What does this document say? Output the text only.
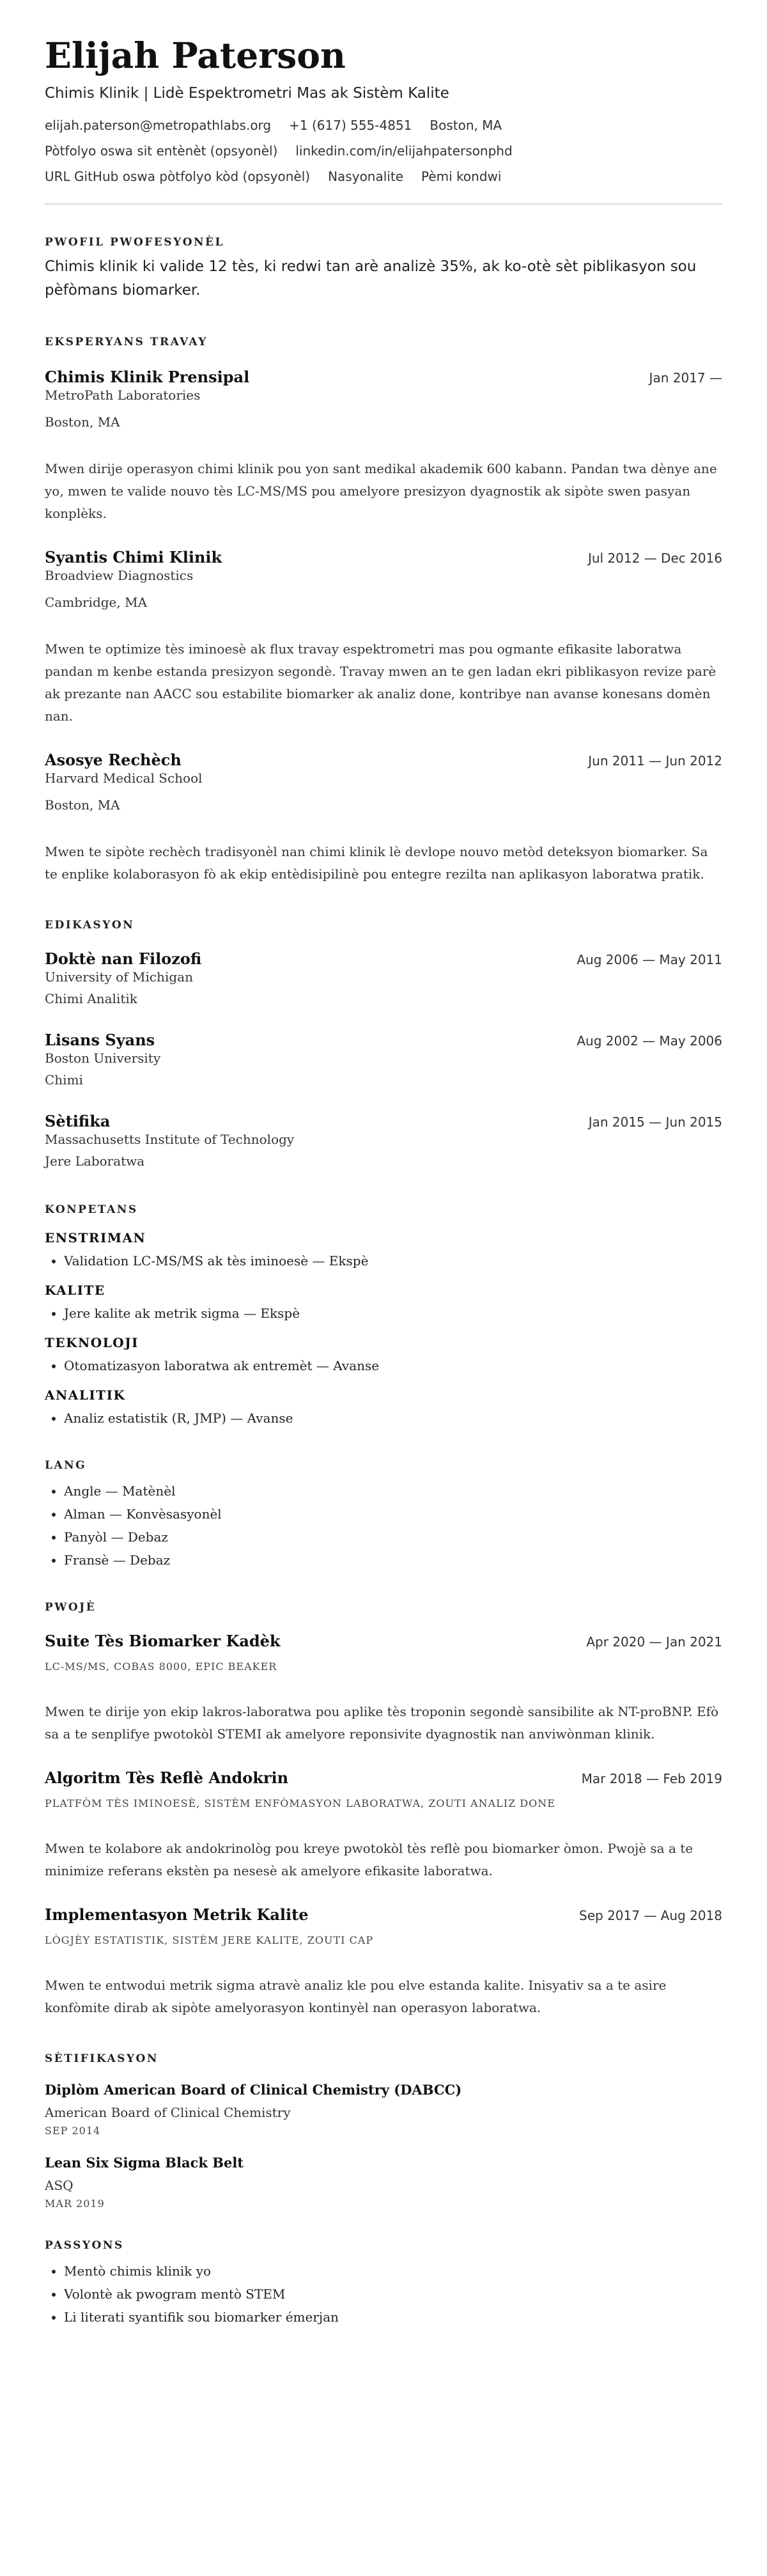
Elijah Paterson
Chimis Klinik | Lidè Espektrometri Mas ak Sistèm Kalite
elijah.paterson@metropathlabs.org +1 (617) 555-4851 Boston, MA
Pòtfolyo oswa sit entènèt (opsyonèl) linkedin.com/in/elijahpatersonphd
URL GitHub oswa pòtfolyo kòd (opsyonèl) Nasyonalite Pèmi kondwi
PWOFIL PWOFESYONÈL
Chimis klinik ki valide 12 tès, ki redwi tan arè analizè 35%, ak ko-otè sèt piblikasyon sou pèfòmans biomarker.
EKSPERYANS TRAVAY
Chimis Klinik Prensipal	Jan 2017 —
MetroPath Laboratories
Boston, MA
Mwen dirije operasyon chimi klinik pou yon sant medikal akademik 600 kabann. Pandan twa dènye ane yo, mwen te valide nouvo tès LC-MS/MS pou amelyore presizyon dyagnostik ak sipòte swen pasyan konplèks.
Syantis Chimi Klinik	Jul 2012 — Dec 2016
Broadview Diagnostics
Cambridge, MA
Mwen te optimize tès iminoesè ak flux travay espektrometri mas pou ogmante efikasite laboratwa pandan m kenbe estanda presizyon segondè. Travay mwen an te gen ladan ekri piblikasyon revize parè ak prezante nan AACC sou estabilite biomarker ak analiz done, kontribye nan avanse konesans domèn nan.
Asosye Rechèch	Jun 2011 — Jun 2012
Harvard Medical School
Boston, MA
Mwen te sipòte rechèch tradisyonèl nan chimi klinik lè devlope nouvo metòd deteksyon biomarker. Sa te enplike kolaborasyon fò ak ekip entèdisipilinè pou entegre rezilta nan aplikasyon laboratwa pratik.
EDIKASYON
Doktè nan Filozofi	Aug 2006 — May 2011
University of Michigan
Chimi Analitik
Lisans Syans	Aug 2002 — May 2006
Boston University
Chimi
Sètifika	Jan 2015 — Jun 2015
Massachusetts Institute of Technology
Jere Laboratwa
KONPETANS
ENSTRIMAN
• Validation LC-MS/MS ak tès iminoesè — Ekspè
KALITE
• Jere kalite ak metrik sigma — Ekspè
TEKNOLOJI
• Otomatizasyon laboratwa ak entremèt — Avanse
ANALITIK
• Analiz estatistik (R, JMP) — Avanse
LANG
• Angle — Matènèl
• Alman — Konvèsasyonèl
• Panyòl — Debaz
• Fransè — Debaz
PWOJÈ
Suite Tès Biomarker Kadèk	Apr 2020 — Jan 2021
LC-MS/MS, COBAS 8000, EPIC BEAKER
Mwen te dirije yon ekip lakros-laboratwa pou aplike tès troponin segondè sansibilite ak NT-proBNP. Efò sa a te senplifye pwotokòl STEMI ak amelyore reponsivite dyagnostik nan anviwònman klinik.
Algoritm Tès Reflè Andokrin	Mar 2018 — Feb 2019
PLATFÒM TÈS IMINOESÈ, SISTÈM ENFÒMASYON LABORATWA, ZOUTI ANALIZ DONE
Mwen te kolabore ak andokrinològ pou kreye pwotokòl tès reflè pou biomarker òmon. Pwojè sa a te minimize referans ekstèn pa nesesè ak amelyore efikasite laboratwa.
Implementasyon Metrik Kalite	Sep 2017 — Aug 2018
LÒGJÈY ESTATISTIK, SISTÈM JERE KALITE, ZOUTI CAP
Mwen te entwodui metrik sigma atravè analiz kle pou elve estanda kalite. Inisyativ sa a te asire konfòmite dirab ak sipòte amelyorasyon kontinyèl nan operasyon laboratwa.
SÈTIFIKASYON
Diplòm American Board of Clinical Chemistry (DABCC)
American Board of Clinical Chemistry
SEP 2014
Lean Six Sigma Black Belt
ASQ
MAR 2019
PASSYONS
• Mentò chimis klinik yo
• Volontè ak pwogram mentò STEM
• Li literati syantifik sou biomarker émerjan
